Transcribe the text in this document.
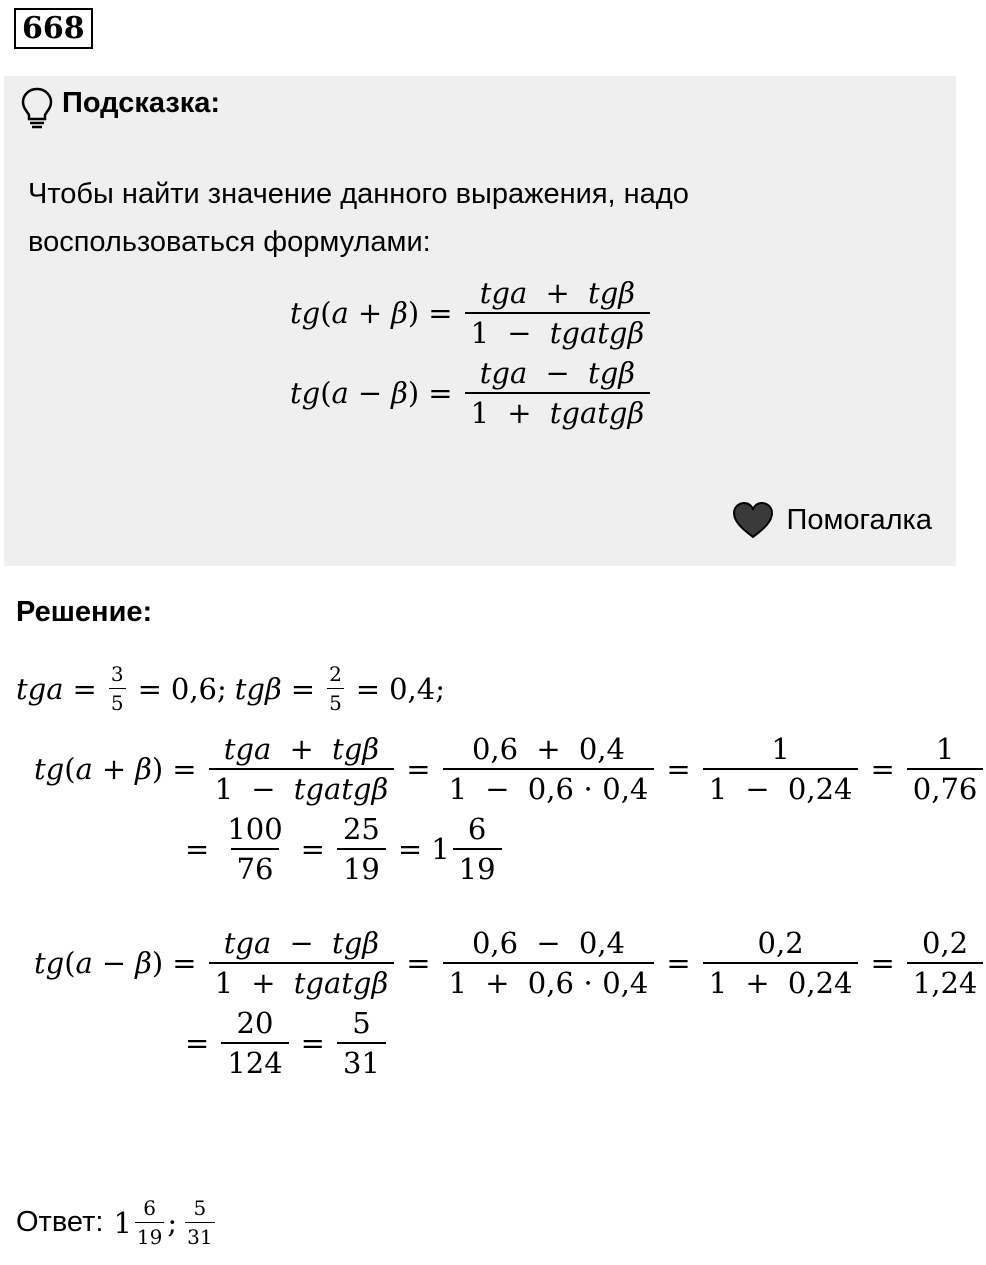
668
Подсказка:
Чтобы найти значение данного выражения, надо воспользоваться формулами:
tg ( a + β ) = $\frac{\text{tga + tgβ}}{\text{1 − tgatgβ}}$
tg ( a − β ) = $\frac{\text{tga − tgβ}}{\text{1 + tgatgβ}}$
Помогалка
Решение:
tga = $\frac{3}{5} = 0,6$; $tg\beta = \frac{2}{5} = 0,4$;
tg ( a + β ) = $\frac{\text{tga + tgβ}}{\text{1 − tgatgβ}} = \frac{0,6 + 0,4}{1 - 0,6 \cdot 0,4} = \frac{1}{1 - 0,24} = \frac{1}{0,76}$
= $\frac{100}{76} = \frac{25}{19} = 1 \frac{6}{19}$
tg ( a − β ) = $\frac{\text{tga − tgβ}}{\text{1 + tgatgβ}} = \frac{0,6 - 0,4}{1 + 0,6 \cdot 0,4} = \frac{0,2}{1 + 0,24} = \frac{0,2}{1,24}$
= $\frac{20}{124} = \frac{5}{31}$
Ответ: $1 \frac{6}{19}$ ; $\frac{5}{31}$
